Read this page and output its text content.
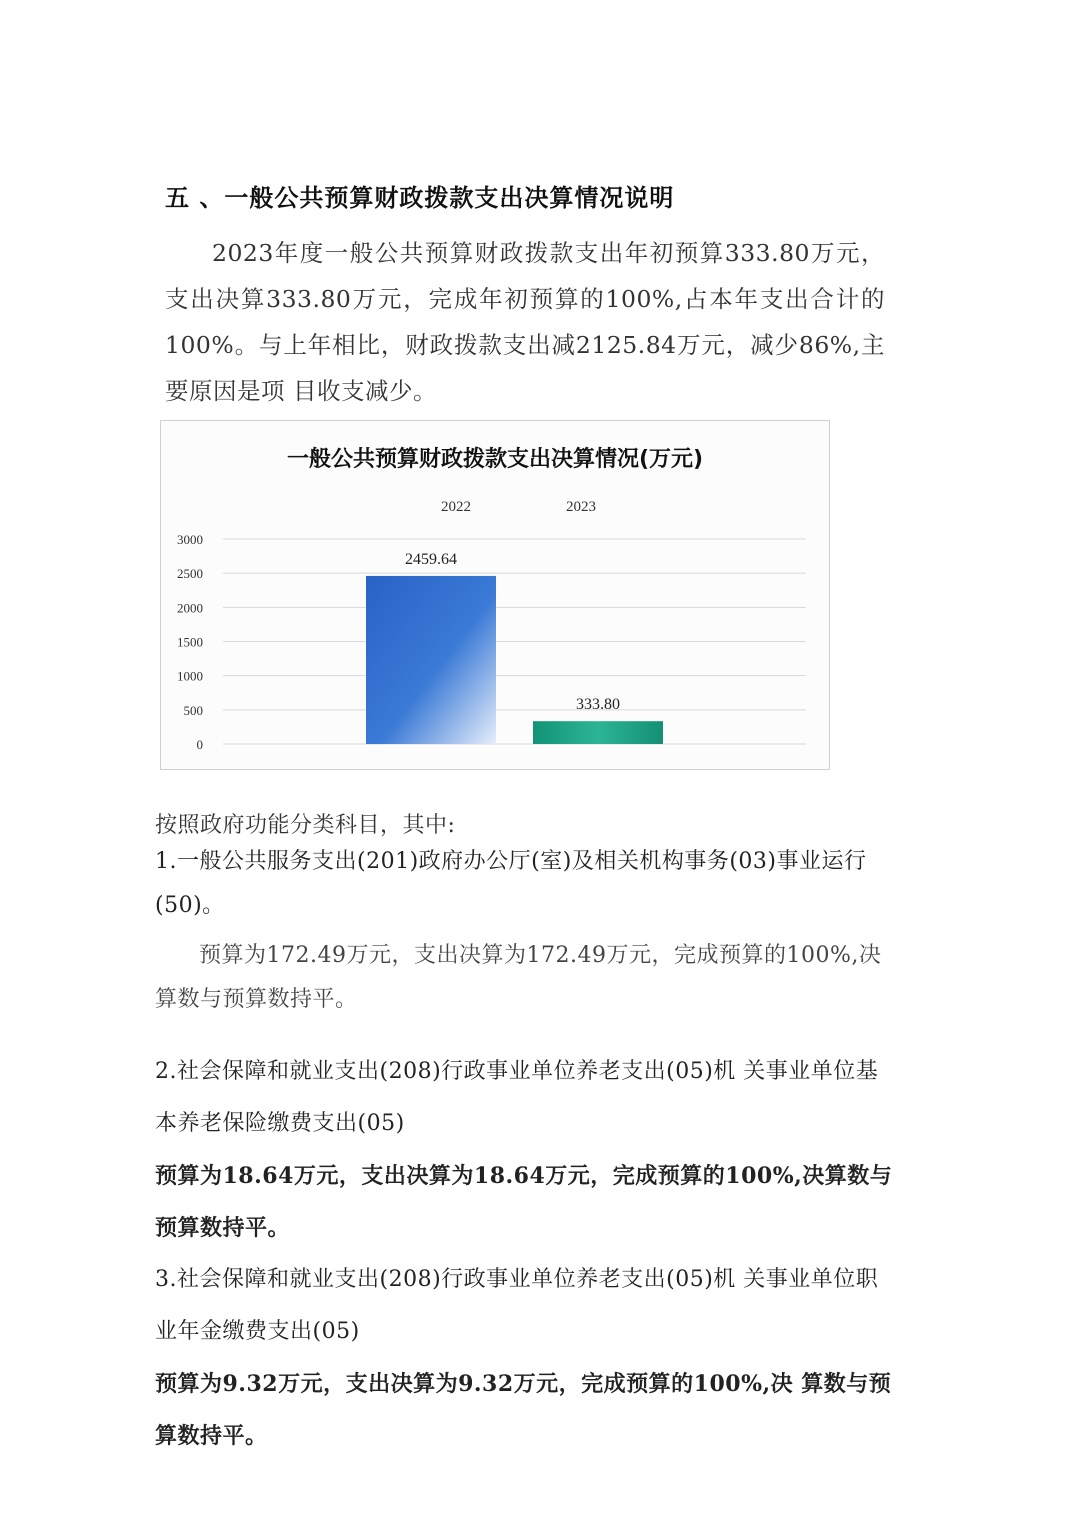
五 、一般公共预算财政拨款支出决算情况说明
2023年度一般公共预算财政拨款支出年初预算333.80万元，支出决算333.80万元，完成年初预算的100%,占本年支出合计的100%。与上年相比，财政拨款支出减2125.84万元，减少86%,主要原因是项 目收支减少。
一般公共预算财政拨款支出决算情况(万元)
2022	2023
0
500
1000
1500
2000
2500
3000
2459.64
333.80
按照政府功能分类科目，其中:
1.一般公共服务支出(201)政府办公厅(室)及相关机构事务(03)事业运行(50)。
预算为172.49万元，支出决算为172.49万元，完成预算的100%,决算数与预算数持平。
2.社会保障和就业支出(208)行政事业单位养老支出(05)机 关事业单位基本养老保险缴费支出(05)
预算为18.64万元，支出决算为18.64万元，完成预算的100%,决算数与预算数持平。
3.社会保障和就业支出(208)行政事业单位养老支出(05)机 关事业单位职业年金缴费支出(05)
预算为9.32万元，支出决算为9.32万元，完成预算的100%,决 算数与预算数持平。
